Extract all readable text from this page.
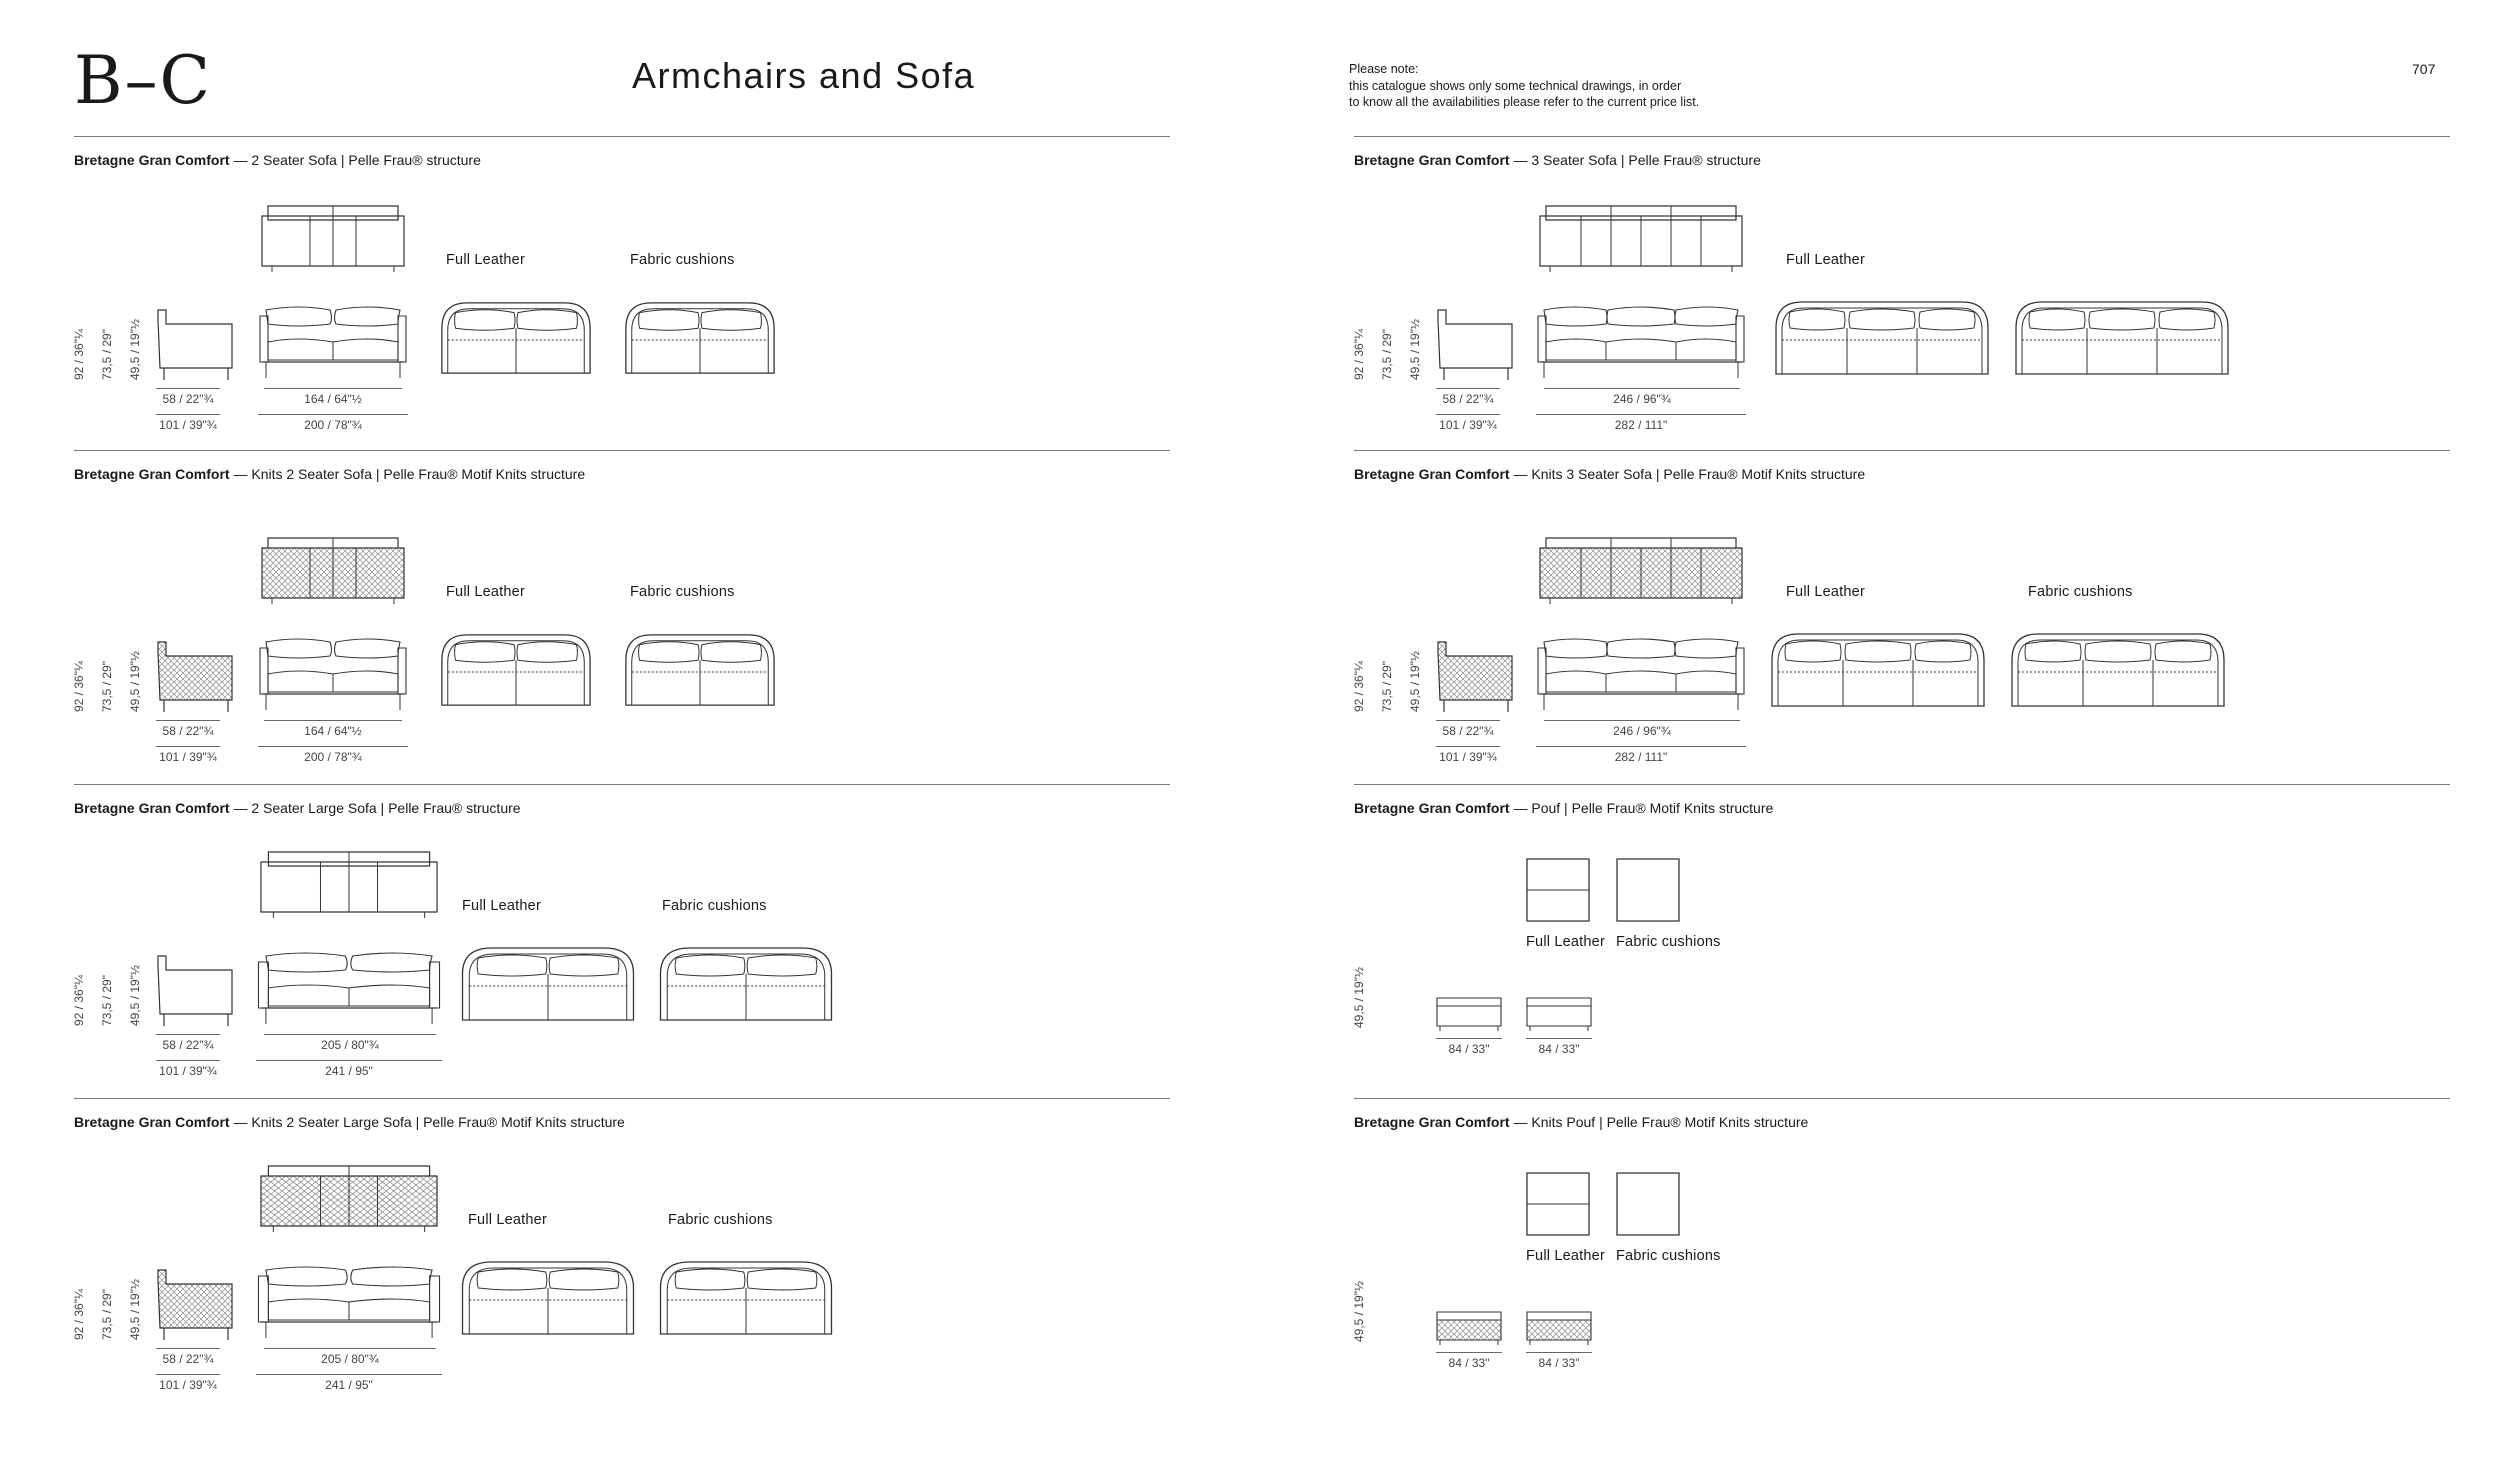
B–C	Armchairs and Sofa	Please note:
this catalogue shows only some technical drawings, in order
to know all the availabilities please refer to the current price list.
707
Bretagne Gran Comfort — 2 Seater Sofa | Pelle Frau® structure
Full Leather	Fabric cushions
92 / 36"¼ 73,5 / 29" 49,5 / 19"½
58 / 22"¾
101 / 39"¾
164 / 64"½
200 / 78"¾
Bretagne Gran Comfort — Knits 2 Seater Sofa | Pelle Frau® Motif Knits structure
Full Leather	Fabric cushions
92 / 36"¼ 73,5 / 29" 49,5 / 19"½
58 / 22"¾
101 / 39"¾
164 / 64"½
200 / 78"¾
Bretagne Gran Comfort — 2 Seater Large Sofa | Pelle Frau® structure
Full Leather	Fabric cushions
92 / 36"¼ 73,5 / 29" 49,5 / 19"½
58 / 22"¾
101 / 39"¾
205 / 80"¾
241 / 95"
Bretagne Gran Comfort — Knits 2 Seater Large Sofa | Pelle Frau® Motif Knits structure
Full Leather	Fabric cushions
92 / 36"¼ 73,5 / 29" 49,5 / 19"½
58 / 22"¾
101 / 39"¾
205 / 80"¾
241 / 95"
Bretagne Gran Comfort — 3 Seater Sofa | Pelle Frau® structure
Full Leather
92 / 36"¼ 73,5 / 29" 49,5 / 19"½
58 / 22"¾
101 / 39"¾
246 / 96"¾
282 / 111"
Bretagne Gran Comfort — Knits 3 Seater Sofa | Pelle Frau® Motif Knits structure
Full Leather	Fabric cushions
92 / 36"¼ 73,5 / 29" 49,5 / 19"½
58 / 22"¾
101 / 39"¾
246 / 96"¾
282 / 111"
Bretagne Gran Comfort — Pouf | Pelle Frau® Motif Knits structure
Full Leather Fabric cushions
49,5 / 19"½
84 / 33"	84 / 33"
Bretagne Gran Comfort — Knits Pouf | Pelle Frau® Motif Knits structure
Full Leather Fabric cushions
49,5 / 19"½
84 / 33"	84 / 33"
